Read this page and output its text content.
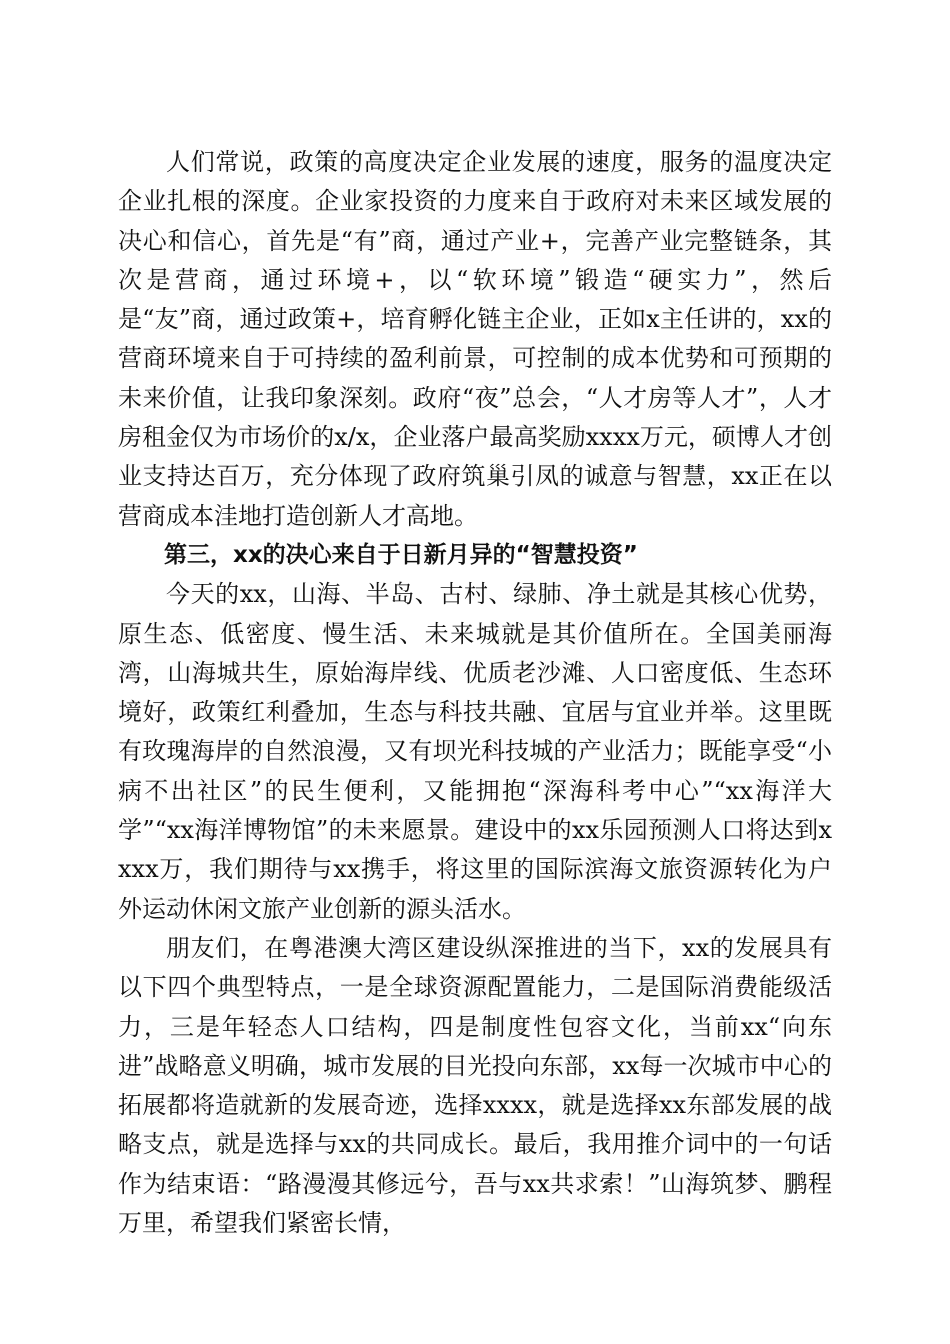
人们常说，政策的高度决定企业发展的速度，服务的温度决定企业扎根的深度。企业家投资的力度来自于政府对未来区域发展的决心和信心，首先是“有”商，通过产业+，完善产业完整链条，其次是营商，通过环境+，以“软环境”锻造“硬实力”，然后是“友”商，通过政策+，培育孵化链主企业，正如x主任讲的，xx的营商环境来自于可持续的盈利前景，可控制的成本优势和可预期的未来价值，让我印象深刻。政府“夜”总会，“人才房等人才”，人才房租金仅为市场价的x/x，企业落户最高奖励xxxx万元，硕博人才创业支持达百万，充分体现了政府筑巢引凤的诚意与智慧，xx正在以营商成本洼地打造创新人才高地。

第三，xx的决心来自于日新月异的“智慧投资”

今天的xx，山海、半岛、古村、绿肺、净土就是其核心优势，原生态、低密度、慢生活、未来城就是其价值所在。全国美丽海湾，山海城共生，原始海岸线、优质老沙滩、人口密度低、生态环境好，政策红利叠加，生态与科技共融、宜居与宜业并举。这里既有玫瑰海岸的自然浪漫，又有坝光科技城的产业活力；既能享受“小病不出社区”的民生便利，又能拥抱“深海科考中心”“xx海洋大学”“xx海洋博物馆”的未来愿景。建设中的xx乐园预测人口将达到xxxx万，我们期待与xx携手，将这里的国际滨海文旅资源转化为户外运动休闲文旅产业创新的源头活水。

朋友们，在粤港澳大湾区建设纵深推进的当下，xx的发展具有以下四个典型特点，一是全球资源配置能力，二是国际消费能级活力，三是年轻态人口结构，四是制度性包容文化，当前xx“向东进”战略意义明确，城市发展的目光投向东部，xx每一次城市中心的拓展都将造就新的发展奇迹，选择xxxx，就是选择xx东部发展的战略支点，就是选择与xx的共同成长。最后，我用推介词中的一句话作为结束语：“路漫漫其修远兮，吾与xx共求索！”山海筑梦、鹏程万里，希望我们紧密长情，
